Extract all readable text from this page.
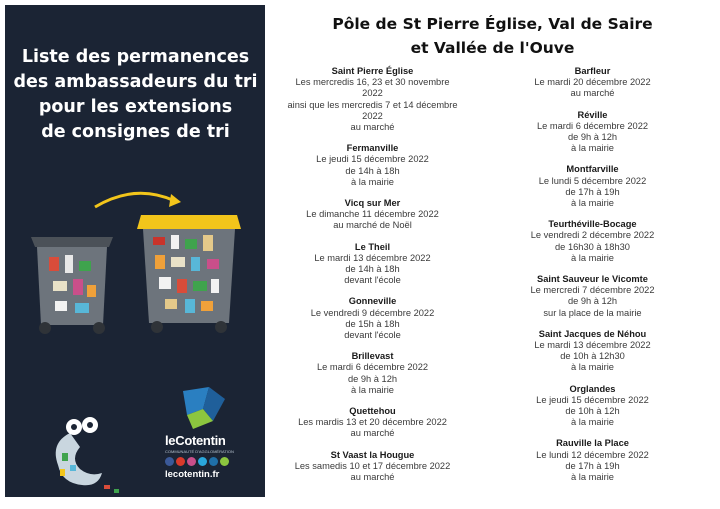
Liste des permanences
des ambassadeurs du tri
pour les extensions
de consignes de tri
leCotentin
COMMUNAUTÉ D'AGGLOMÉRATION
lecotentin.fr
Pôle de St Pierre Église, Val de Saire
et Vallée de l'Ouve
Saint Pierre Église
Les mercredis 16, 23 et 30 novembre
2022
ainsi que les mercredis 7 et 14 décembre
2022
au marché
Fermanville
Le jeudi 15 décembre 2022
de 14h à 18h
à la mairie
Vicq sur Mer
Le dimanche 11 décembre 2022
au marché de Noël
Le Theil
Le mardi 13 décembre 2022
de 14h à 18h
devant l'école
Gonneville
Le vendredi 9 décembre 2022
de 15h à 18h
devant l'école
Brillevast
Le mardi 6 décembre 2022
de 9h à 12h
à la mairie
Quettehou
Les mardis 13 et 20 décembre 2022
au marché
St Vaast la Hougue
Les samedis 10 et 17 décembre 2022
au marché
Barfleur
Le mardi 20 décembre 2022
au marché
Réville
Le mardi 6 décembre 2022
de 9h à 12h
à la mairie
Montfarville
Le lundi 5 décembre 2022
de 17h à 19h
à la mairie
Teurthéville-Bocage
Le vendredi 2 décembre 2022
de 16h30 à 18h30
à la mairie
Saint Sauveur le Vicomte
Le mercredi 7 décembre 2022
de 9h à 12h
sur la place de la mairie
Saint Jacques de Néhou
Le mardi 13 décembre 2022
de 10h à 12h30
à la mairie
Orglandes
Le jeudi 15 décembre 2022
de 10h à 12h
à la mairie
Rauville la Place
Le lundi 12 décembre 2022
de 17h à 19h
à la mairie
